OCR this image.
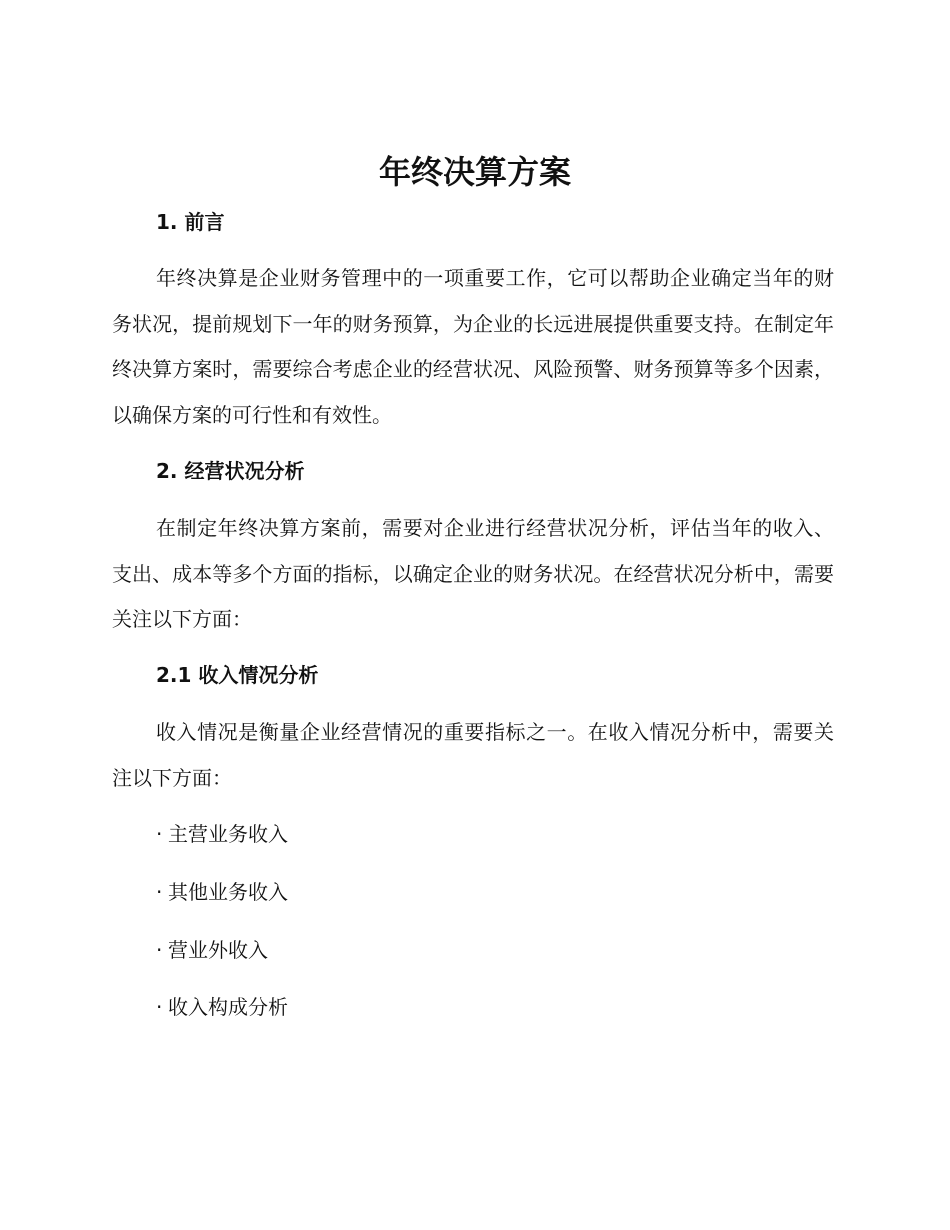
年终决算方案
1. 前言

年终决算是企业财务管理中的一项重要工作，它可以帮助企业确定当年的财务状况，提前规划下一年的财务预算，为企业的长远进展提供重要支持。在制定年终决算方案时，需要综合考虑企业的经营状况、风险预警、财务预算等多个因素，以确保方案的可行性和有效性。

2. 经营状况分析

在制定年终决算方案前，需要对企业进行经营状况分析，评估当年的收入、支出、成本等多个方面的指标，以确定企业的财务状况。在经营状况分析中，需要关注以下方面：

2.1 收入情况分析

收入情况是衡量企业经营情况的重要指标之一。在收入情况分析中，需要关注以下方面：

· 主营业务收入

· 其他业务收入

· 营业外收入

· 收入构成分析
